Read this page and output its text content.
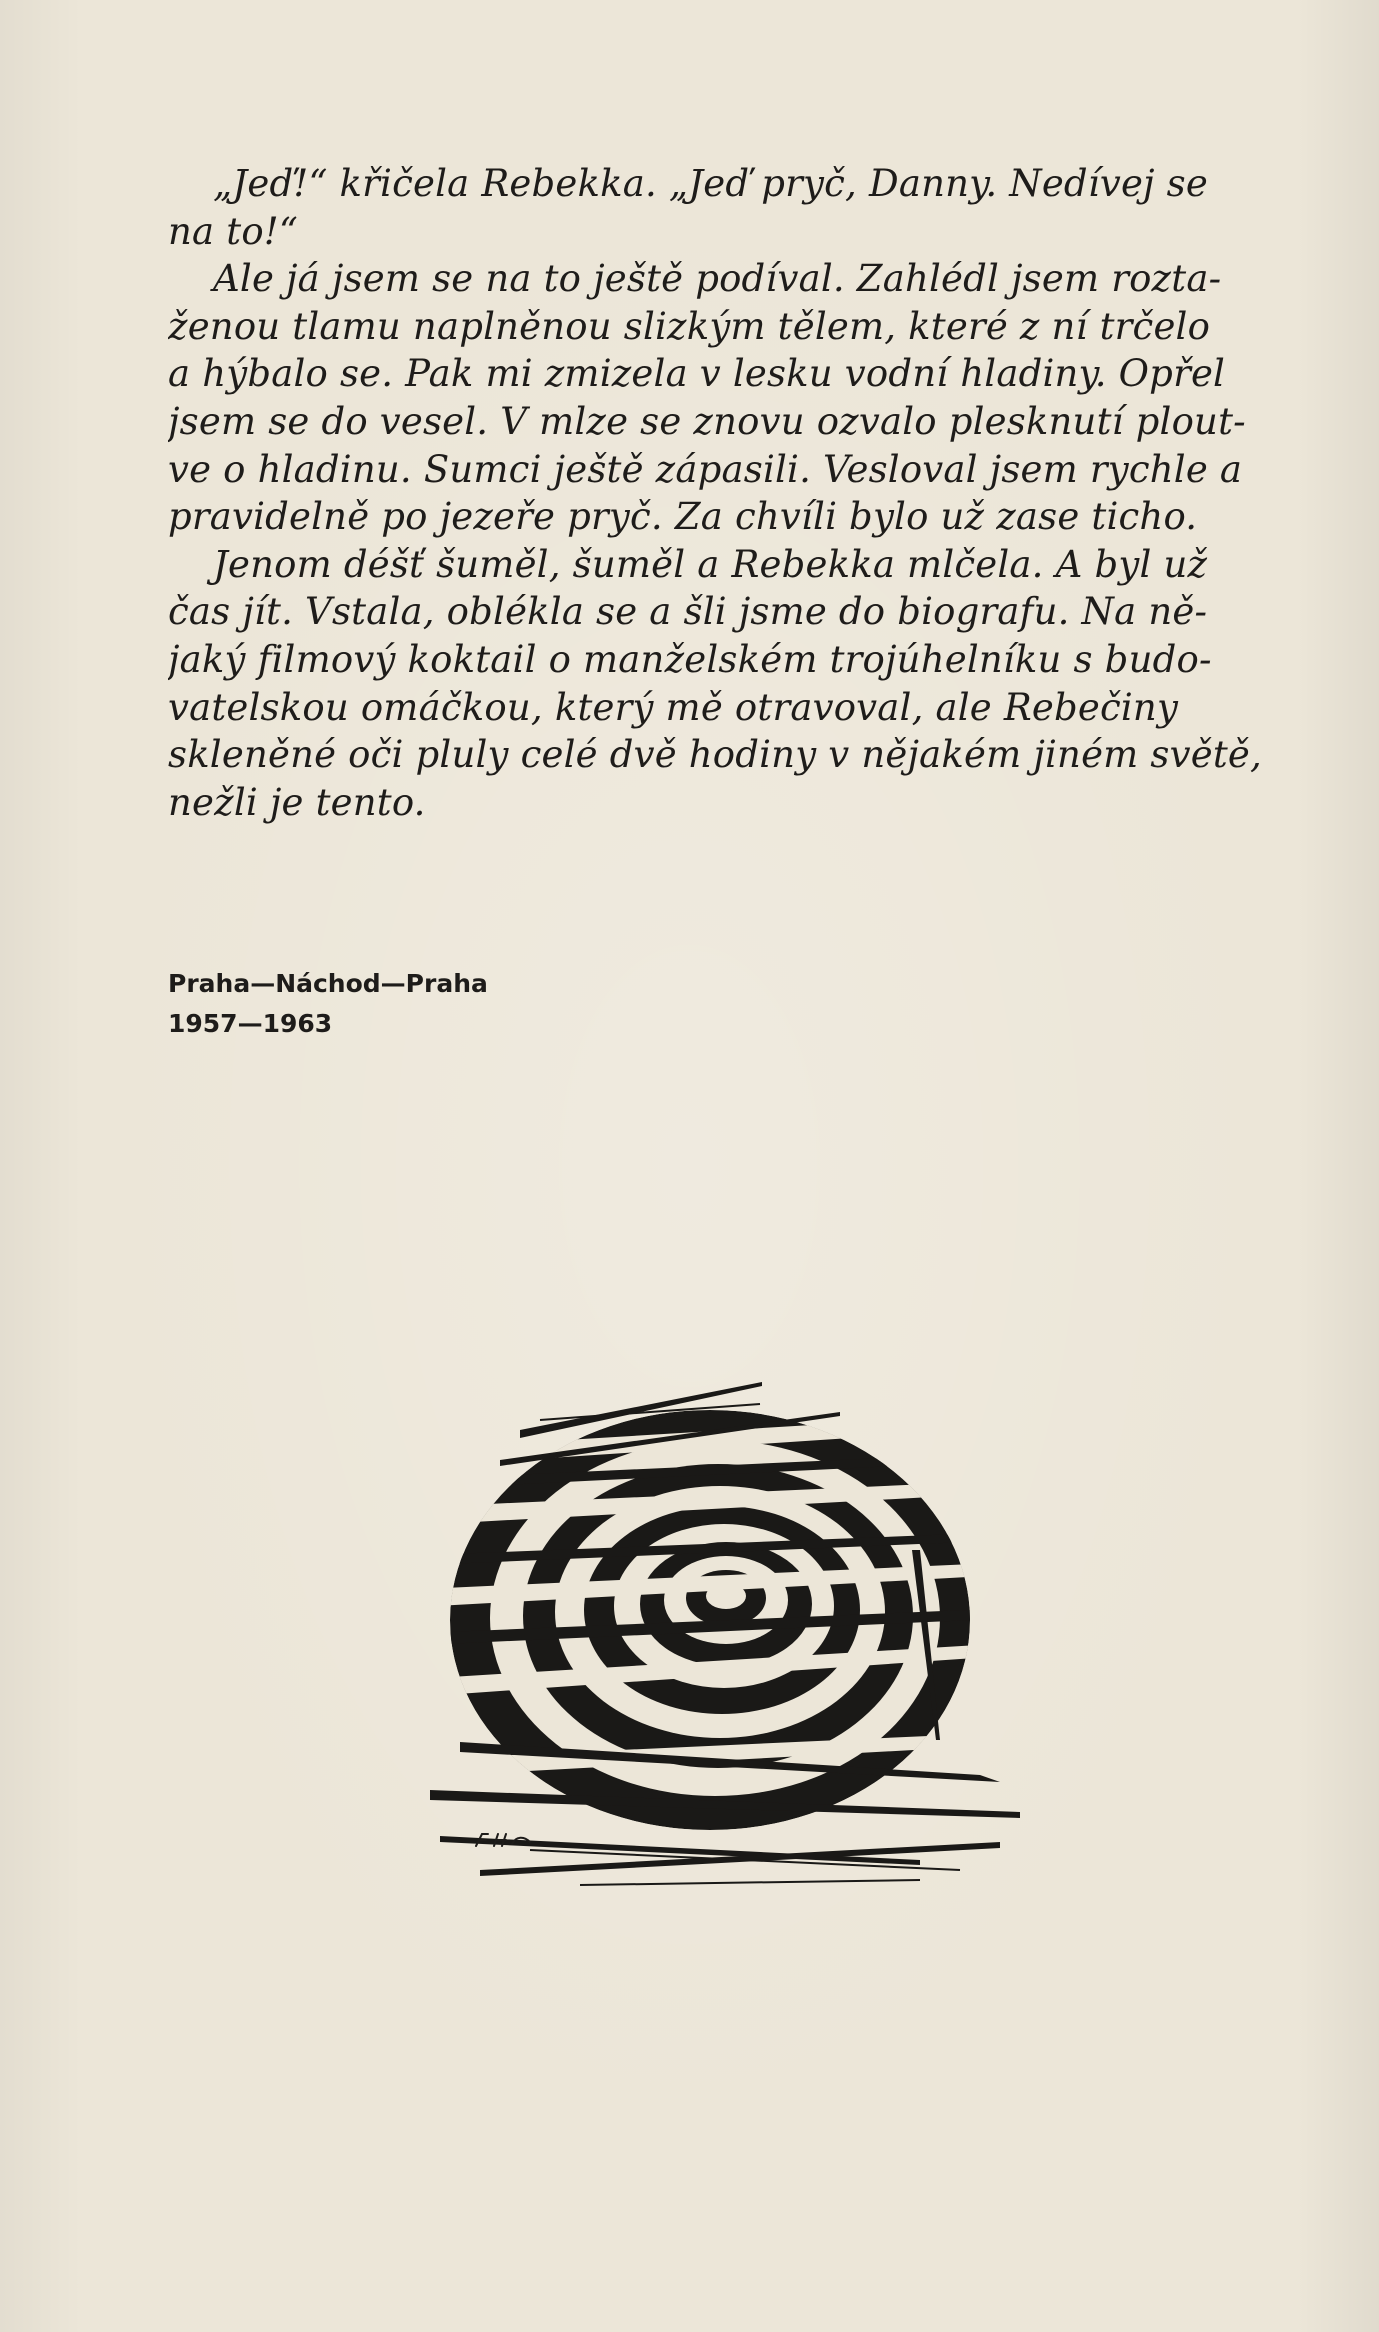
„Jeď!“ křičela Rebekka. „Jeď pryč, Danny. Nedívej se
na to!“
Ale já jsem se na to ještě podíval. Zahlédl jsem rozta-
ženou tlamu naplněnou slizkým tělem, které z ní trčelo
a hýbalo se. Pak mi zmizela v lesku vodní hladiny. Opřel
jsem se do vesel. V mlze se znovu ozvalo plesknutí plout-
ve o hladinu. Sumci ještě zápasili. Vesloval jsem rychle a
pravidelně po jezeře pryč. Za chvíli bylo už zase ticho.
Jenom déšť šuměl, šuměl a Rebekka mlčela. A byl už
čas jít. Vstala, oblékla se a šli jsme do biografu. Na ně-
jaký filmový koktail o manželském trojúhelníku s budo-
vatelskou omáčkou, který mě otravoval, ale Rebečiny
skleněné oči pluly celé dvě hodiny v nějakém jiném světě,
nežli je tento.
Praha—Náchod—Praha
1957—1963
